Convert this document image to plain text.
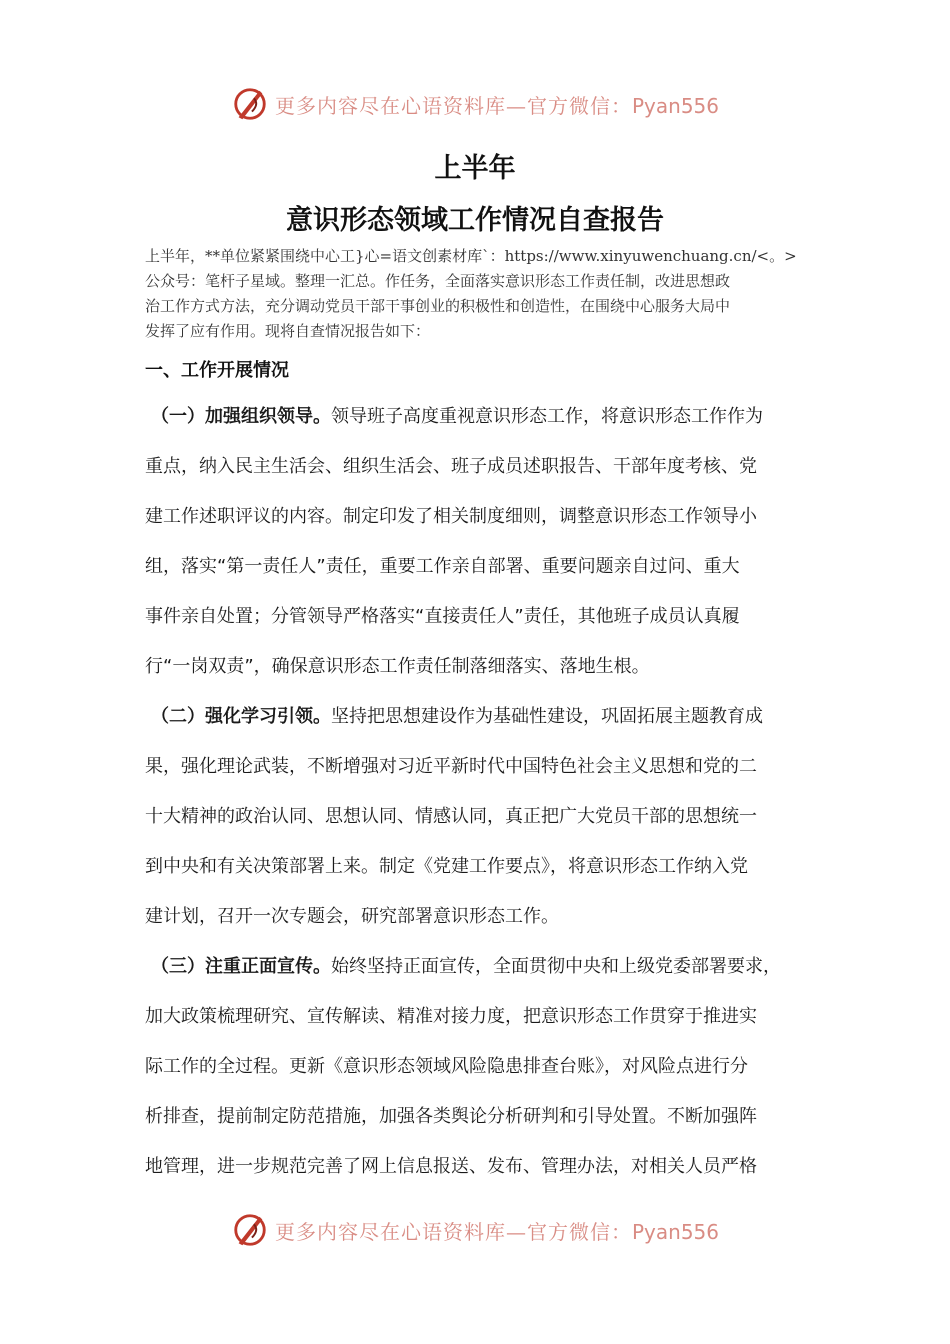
更多内容尽在心语资料库—官方微信：Pyan556
上半年
意识形态领域工作情况自查报告
上半年，**单位紧紧围绕中心工}心=语文创素材库`：https://www.xinyuwenchuang.cn/<。>
公众号：笔杆子星域。整理一汇总。作任务，全面落实意识形态工作责任制，改进思想政
治工作方式方法，充分调动党员干部干事创业的积极性和创造性，在围绕中心服务大局中
发挥了应有作用。现将自查情况报告如下：
一、工作开展情况
（一）加强组织领导。领导班子高度重视意识形态工作，将意识形态工作作为
重点，纳入民主生活会、组织生活会、班子成员述职报告、干部年度考核、党
建工作述职评议的内容。制定印发了相关制度细则，调整意识形态工作领导小
组，落实“第一责任人”责任，重要工作亲自部署、重要问题亲自过问、重大
事件亲自处置；分管领导严格落实“直接责任人”责任，其他班子成员认真履
行“一岗双责”，确保意识形态工作责任制落细落实、落地生根。
（二）强化学习引领。坚持把思想建设作为基础性建设，巩固拓展主题教育成
果，强化理论武装，不断增强对习近平新时代中国特色社会主义思想和党的二
十大精神的政治认同、思想认同、情感认同，真正把广大党员干部的思想统一
到中央和有关决策部署上来。制定《党建工作要点》，将意识形态工作纳入党
建计划，召开一次专题会，研究部署意识形态工作。
（三）注重正面宣传。始终坚持正面宣传，全面贯彻中央和上级党委部署要求，
加大政策梳理研究、宣传解读、精准对接力度，把意识形态工作贯穿于推进实
际工作的全过程。更新《意识形态领域风险隐患排查台账》，对风险点进行分
析排查，提前制定防范措施，加强各类舆论分析研判和引导处置。不断加强阵
地管理，进一步规范完善了网上信息报送、发布、管理办法，对相关人员严格
更多内容尽在心语资料库—官方微信：Pyan556
